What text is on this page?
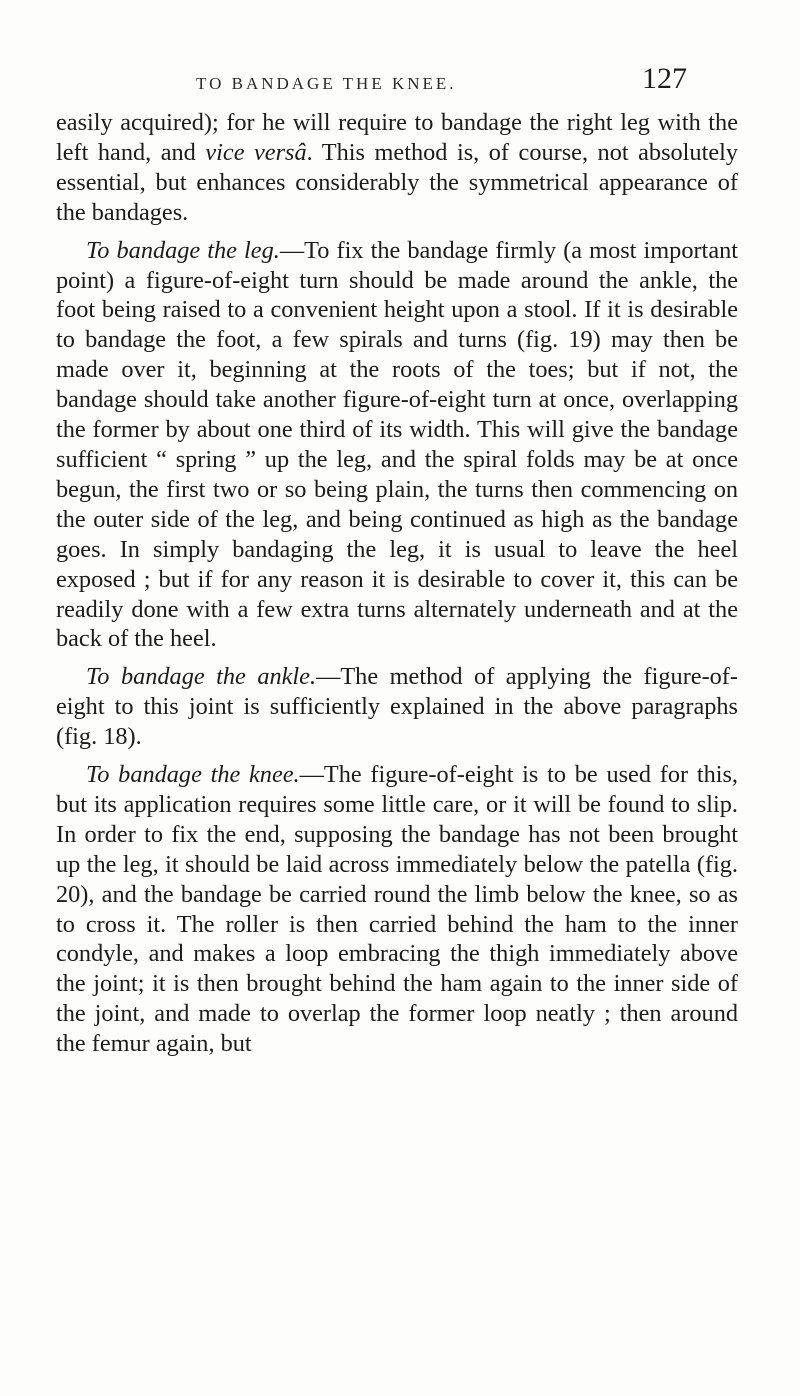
TO BANDAGE THE KNEE.	127

easily acquired); for he will require to bandage the right leg with the left hand, and vice versâ. This method is, of course, not absolutely essential, but enhances considerably the symmetrical appearance of the bandages.

To bandage the leg.—To fix the bandage firmly (a most important point) a figure-of-eight turn should be made around the ankle, the foot being raised to a convenient height upon a stool. If it is desirable to bandage the foot, a few spirals and turns (fig. 19) may then be made over it, beginning at the roots of the toes; but if not, the bandage should take another figure-of-eight turn at once, overlapping the former by about one third of its width. This will give the bandage sufficient “ spring ” up the leg, and the spiral folds may be at once begun, the first two or so being plain, the turns then commencing on the outer side of the leg, and being continued as high as the bandage goes. In simply bandaging the leg, it is usual to leave the heel exposed ; but if for any reason it is desirable to cover it, this can be readily done with a few extra turns alternately underneath and at the back of the heel.

To bandage the ankle.—The method of applying the figure-of-eight to this joint is sufficiently explained in the above paragraphs (fig. 18).

To bandage the knee.—The figure-of-eight is to be used for this, but its application requires some little care, or it will be found to slip. In order to fix the end, supposing the bandage has not been brought up the leg, it should be laid across immediately below the patella (fig. 20), and the bandage be carried round the limb below the knee, so as to cross it. The roller is then carried behind the ham to the inner condyle, and makes a loop embracing the thigh immediately above the joint; it is then brought behind the ham again to the inner side of the joint, and made to overlap the former loop neatly ; then around the femur again, but
